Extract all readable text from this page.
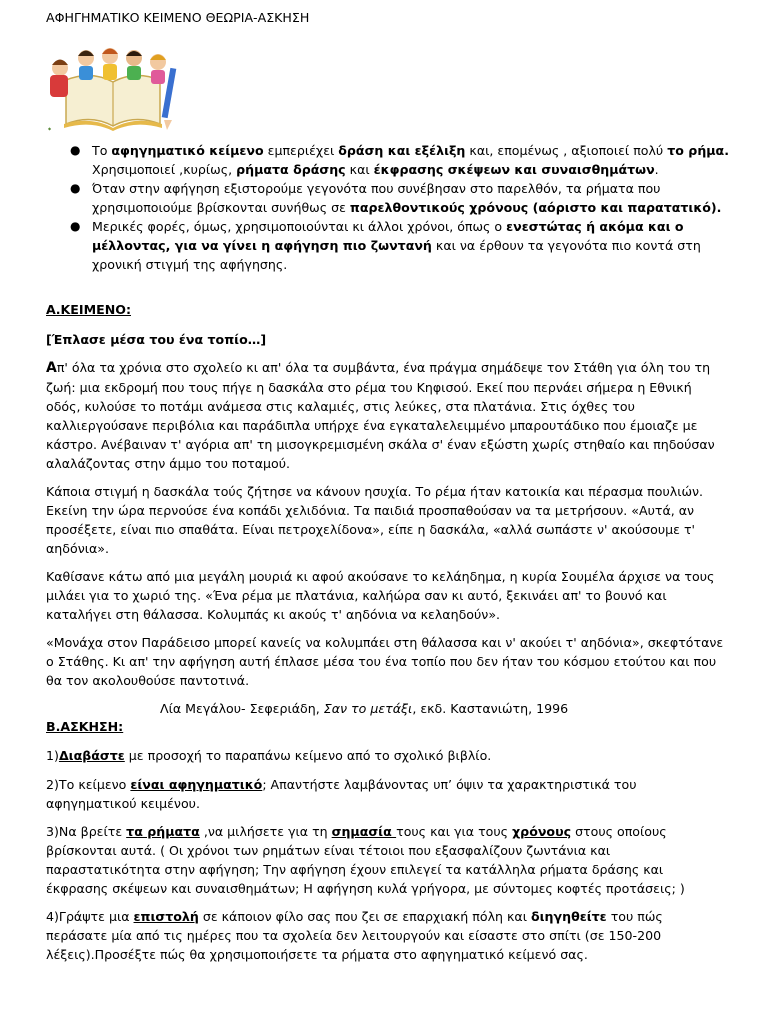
ΑΦΗΓΗΜΑΤΙΚΟ ΚΕΙΜΕΝΟ ΘΕΩΡΙΑ-ΑΣΚΗΣΗ
◆

● Το αφηγηματικό κείμενο εμπεριέχει δράση και εξέλιξη και, επομένως , αξιοποιεί πολύ το ρήμα. Χρησιμοποιεί ,κυρίως, ρήματα δράσης και έκφρασης σκέψεων και συναισθημάτων.

● Όταν στην αφήγηση εξιστορούμε γεγονότα που συνέβησαν στο παρελθόν, τα ρήματα που χρησιμοποιούμε βρίσκονται συνήθως σε παρελθοντικούς χρόνους (αόριστο και παρατατικό).

● Μερικές φορές, όμως, χρησιμοποιούνται κι άλλοι χρόνοι, όπως ο ενεστώτας ή ακόμα και ο μέλλοντας, για να γίνει η αφήγηση πιο ζωντανή και να έρθουν τα γεγονότα πιο κοντά στη χρονική στιγμή της αφήγησης.

Α.ΚΕΙΜΕΝΟ:
[Έπλασε μέσα του ένα τοπίο…]

Απ' όλα τα χρόνια στο σχολείο κι απ' όλα τα συμβάντα, ένα πράγμα σημάδεψε τον Στάθη για όλη του τη ζωή: μια εκδρομή που τους πήγε η δασκάλα στο ρέμα του Κηφισού. Εκεί που περνάει σήμερα η Εθνική οδός, κυλούσε το ποτάμι ανάμεσα στις καλαμιές, στις λεύκες, στα πλατάνια. Στις όχθες του καλλιεργούσανε περιβόλια και παράδιπλα υπήρχε ένα εγκαταλελειμμένο μπαρουτάδικο που έμοιαζε με κάστρο. Ανέβαιναν τ' αγόρια απ' τη μισογκρεμισμένη σκάλα σ' έναν εξώστη χωρίς στηθαίο και πηδούσαν αλαλάζοντας στην άμμο του ποταμού.

Κάποια στιγμή η δασκάλα τούς ζήτησε να κάνουν ησυχία. Το ρέμα ήταν κατοικία και πέρασμα πουλιών. Εκείνη την ώρα περνούσε ένα κοπάδι χελιδόνια. Τα παιδιά προσπαθούσαν να τα μετρήσουν. «Αυτά, αν προσέξετε, είναι πιο σπαθάτα. Είναι πετροχελίδονα», είπε η δασκάλα, «αλλά σωπάστε ν' ακούσουμε τ' αηδόνια».

Καθίσανε κάτω από μια μεγάλη μουριά κι αφού ακούσανε το κελάηδημα, η κυρία Σουμέλα άρχισε να τους μιλάει για το χωριό της. «Ένα ρέμα με πλατάνια, καλήώρα σαν κι αυτό, ξεκινάει απ' το βουνό και καταλήγει στη θάλασσα. Κολυμπάς κι ακούς τ' αηδόνια να κελαηδούν».

«Μονάχα στον Παράδεισο μπορεί κανείς να κολυμπάει στη θάλασσα και ν' ακούει τ' αηδόνια», σκεφτότανε ο Στάθης. Κι απ' την αφήγηση αυτή έπλασε μέσα του ένα τοπίο που δεν ήταν του κόσμου ετούτου και που θα τον ακολουθούσε παντοτινά.

Λία Μεγάλου- Σεφεριάδη, Σαν το μετάξι, εκδ. Καστανιώτη, 1996
Β.ΑΣΚΗΣΗ:

1)Διαβάστε με προσοχή το παραπάνω κείμενο από το σχολικό βιβλίο.

2)Το κείμενο είναι αφηγηματικό; Απαντήστε λαμβάνοντας υπ’ όψιν τα χαρακτηριστικά του αφηγηματικού κειμένου.

3)Να βρείτε τα ρήματα ,να μιλήσετε για τη σημασία τους και για τους χρόνους στους οποίους βρίσκονται αυτά. ( Οι χρόνοι των ρημάτων είναι τέτοιοι που εξασφαλίζουν ζωντάνια και παραστατικότητα στην αφήγηση; Την αφήγηση έχουν επιλεγεί τα κατάλληλα ρήματα δράσης και έκφρασης σκέψεων και συναισθημάτων; Η αφήγηση κυλά γρήγορα, με σύντομες κοφτές προτάσεις; )

4)Γράψτε μια επιστολή σε κάποιον φίλο σας που ζει σε επαρχιακή πόλη και διηγηθείτε του πώς περάσατε μία από τις ημέρες που τα σχολεία δεν λειτουργούν και είσαστε στο σπίτι (σε 150-200 λέξεις).Προσέξτε πώς θα χρησιμοποιήσετε τα ρήματα στο αφηγηματικό κείμενό σας.
